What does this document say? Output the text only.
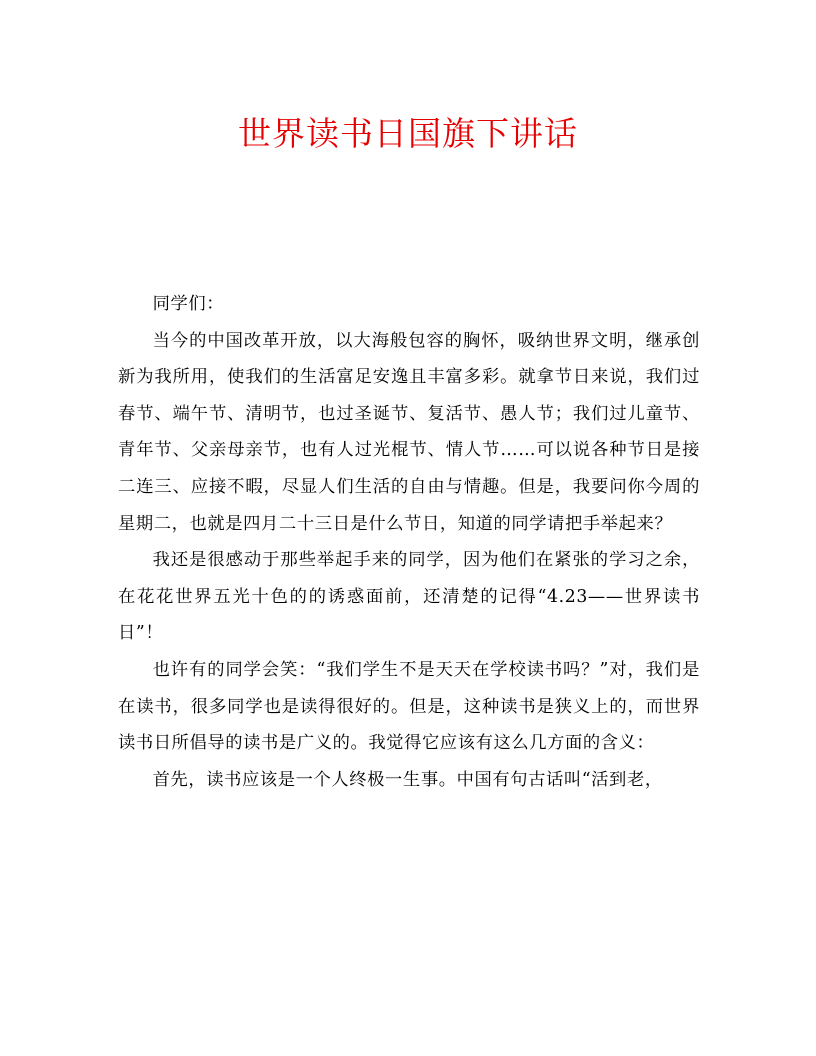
世界读书日国旗下讲话

同学们：

当今的中国改革开放，以大海般包容的胸怀，吸纳世界文明，继承创新为我所用，使我们的生活富足安逸且丰富多彩。就拿节日来说，我们过春节、端午节、清明节，也过圣诞节、复活节、愚人节；我们过儿童节、青年节、父亲母亲节，也有人过光棍节、情人节……可以说各种节日是接二连三、应接不暇，尽显人们生活的自由与情趣。但是，我要问你今周的星期二，也就是四月二十三日是什么节日，知道的同学请把手举起来？

我还是很感动于那些举起手来的同学，因为他们在紧张的学习之余，在花花世界五光十色的的诱惑面前，还清楚的记得“4.23——世界读书日”！

也许有的同学会笑：“我们学生不是天天在学校读书吗？”对，我们是在读书，很多同学也是读得很好的。但是，这种读书是狭义上的，而世界读书日所倡导的读书是广义的。我觉得它应该有这么几方面的含义：

首先，读书应该是一个人终极一生事。中国有句古话叫“活到老，
